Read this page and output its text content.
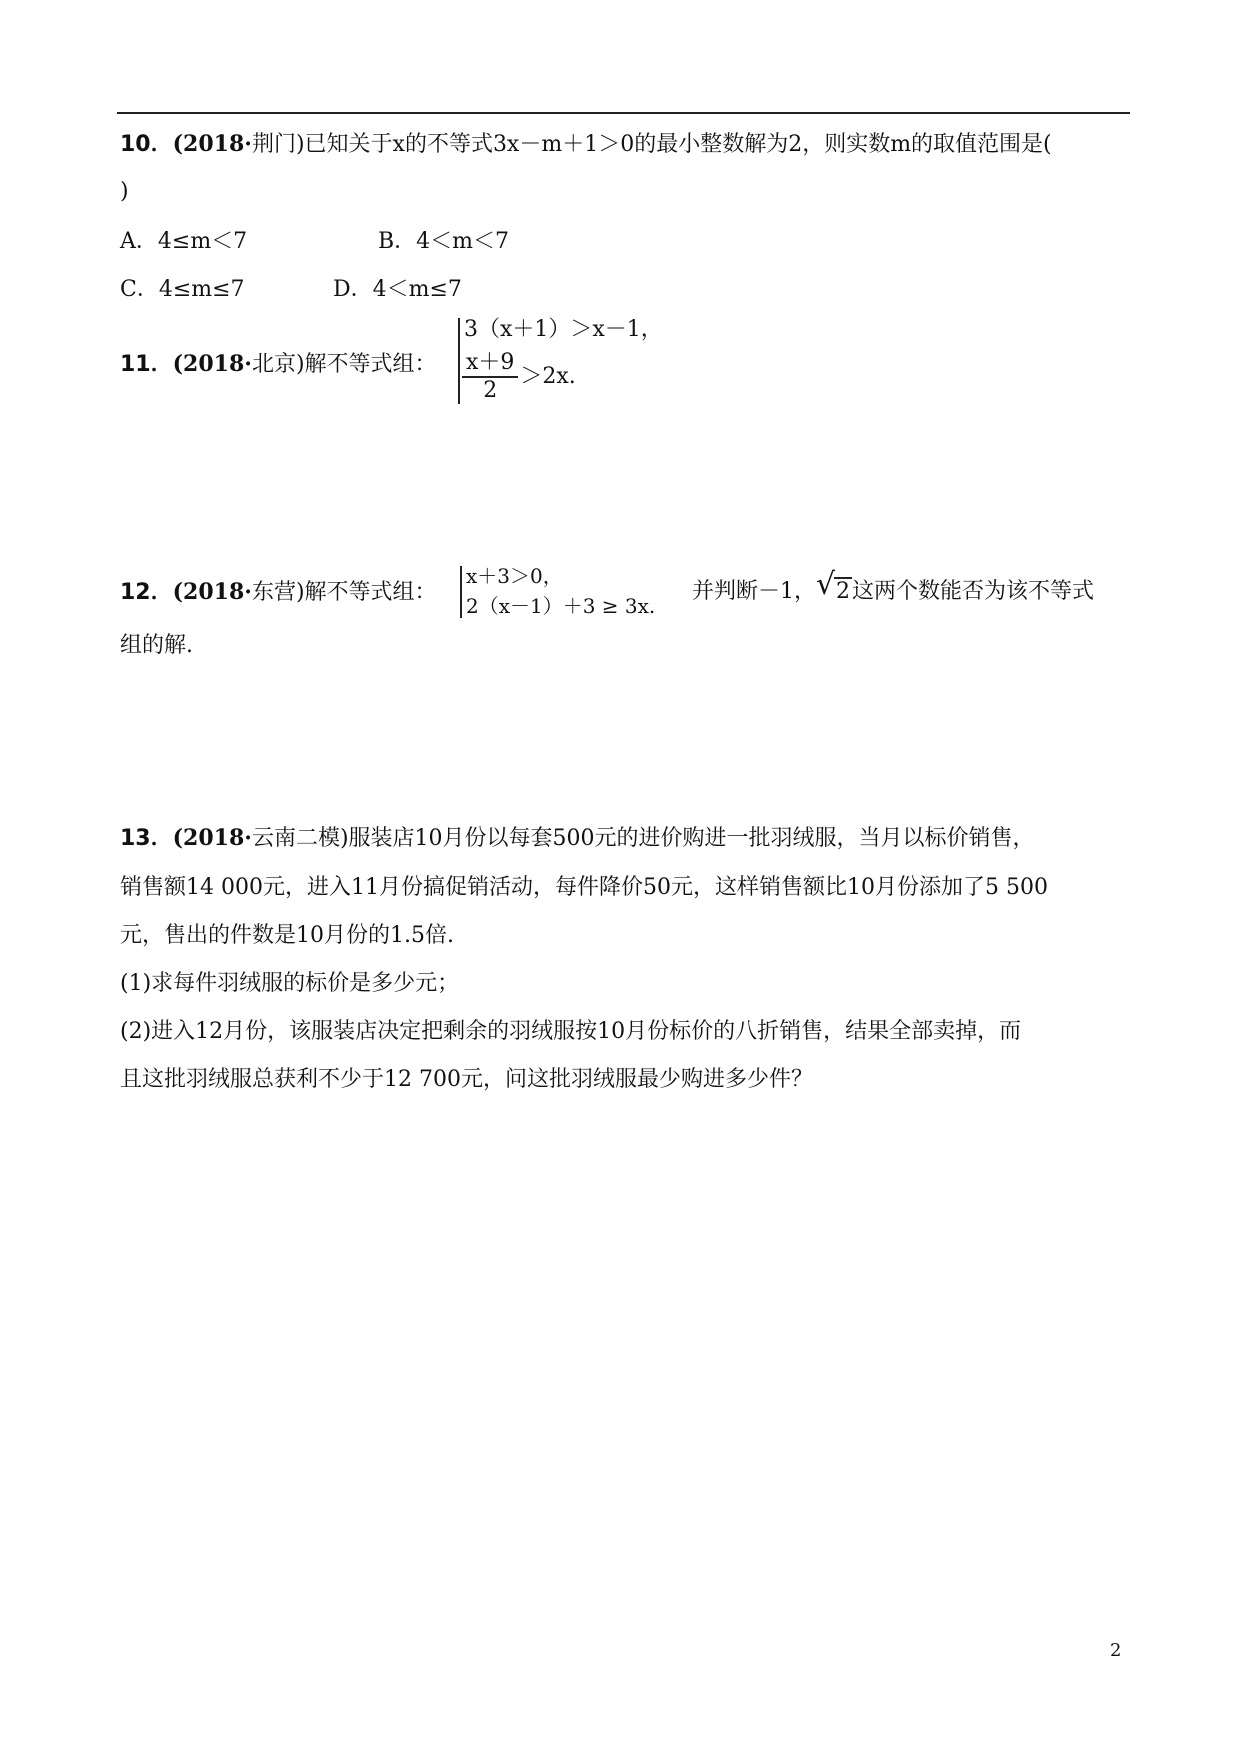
10．(2018·荆门)已知关于x的不等式3x－m＋1＞0的最小整数解为2，则实数m的取值范围是(
)
A．4≤m＜7	B．4＜m＜7
C．4≤m≤7	D．4＜m≤7
11．(2018·北京)解不等式组：
3（x＋1）＞x－1，
$\frac{x+9}{2} >2x$.
12．(2018·东营)解不等式组：
x＋3＞0，
2（x－1）＋3 ≥ 3x.
并判断－1， √ 2这两个数能否为该不等式
组的解.
13．(2018·云南二模)服装店10月份以每套500元的进价购进一批羽绒服，当月以标价销售，
销售额14 000元，进入11月份搞促销活动，每件降价50元，这样销售额比10月份添加了5 500
元，售出的件数是10月份的1.5倍.
(1)求每件羽绒服的标价是多少元；
(2)进入12月份，该服装店决定把剩余的羽绒服按10月份标价的八折销售，结果全部卖掉，而
且这批羽绒服总获利不少于12 700元，问这批羽绒服最少购进多少件？
2
